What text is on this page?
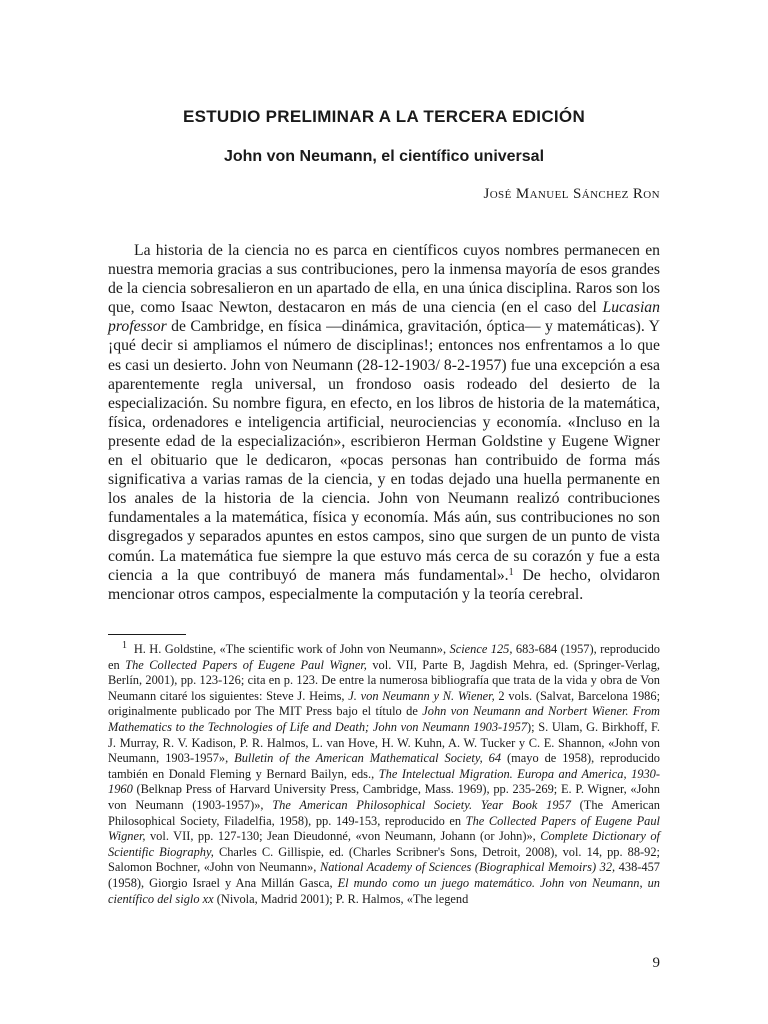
ESTUDIO PRELIMINAR A LA TERCERA EDICIÓN
John von Neumann, el científico universal
José Manuel Sánchez Ron

La historia de la ciencia no es parca en científicos cuyos nombres permanecen en nuestra memoria gracias a sus contribuciones, pero la inmensa mayoría de esos grandes de la ciencia sobresalieron en un apartado de ella, en una única disciplina. Raros son los que, como Isaac Newton, destacaron en más de una ciencia (en el caso del Lucasian professor de Cambridge, en física —dinámica, gravitación, óptica— y matemáticas). Y ¡qué decir si ampliamos el número de disciplinas!; entonces nos enfrentamos a lo que es casi un desierto. John von Neumann (28-12-1903/ 8-2-1957) fue una excepción a esa aparentemente regla universal, un frondoso oasis rodeado del desierto de la especialización. Su nombre figura, en efecto, en los libros de historia de la matemática, física, ordenadores e inteligencia artificial, neurociencias y economía. «Incluso en la presente edad de la especialización», escribieron Herman Goldstine y Eugene Wigner en el obituario que le dedicaron, «pocas personas han contribuido de forma más significativa a varias ramas de la ciencia, y en todas dejado una huella permanente en los anales de la historia de la ciencia. John von Neumann realizó contribuciones fundamentales a la matemática, física y economía. Más aún, sus contribuciones no son disgregados y separados apuntes en estos campos, sino que surgen de un punto de vista común. La matemática fue siempre la que estuvo más cerca de su corazón y fue a esta ciencia a la que contribuyó de manera más fundamental».$^1$ De hecho, olvidaron mencionar otros campos, especialmente la computación y la teoría cerebral.

$^1$ H. H. Goldstine, «The scientific work of John von Neumann», Science 125, 683-684 (1957), reproducido en The Collected Papers of Eugene Paul Wigner, vol. VII, Parte B, Jagdish Mehra, ed. (Springer-Verlag, Berlín, 2001), pp. 123-126; cita en p. 123. De entre la numerosa bibliografía que trata de la vida y obra de Von Neumann citaré los siguientes: Steve J. Heims, J. von Neumann y N. Wiener, 2 vols. (Salvat, Barcelona 1986; originalmente publicado por The MIT Press bajo el título de John von Neumann and Norbert Wiener. From Mathematics to the Technologies of Life and Death; John von Neumann 1903-1957); S. Ulam, G. Birkhoff, F. J. Murray, R. V. Kadison, P. R. Halmos, L. van Hove, H. W. Kuhn, A. W. Tucker y C. E. Shannon, «John von Neumann, 1903-1957», Bulletin of the American Mathematical Society, 64 (mayo de 1958), reproducido también en Donald Fleming y Bernard Bailyn, eds., The Intelectual Migration. Europa and America, 1930-1960 (Belknap Press of Harvard University Press, Cambridge, Mass. 1969), pp. 235-269; E. P. Wigner, «John von Neumann (1903-1957)», The American Philosophical Society. Year Book 1957 (The American Philosophical Society, Filadelfia, 1958), pp. 149-153, reproducido en The Collected Papers of Eugene Paul Wigner, vol. VII, pp. 127-130; Jean Dieudonné, «von Neumann, Johann (or John)», Complete Dictionary of Scientific Biography, Charles C. Gillispie, ed. (Charles Scribner's Sons, Detroit, 2008), vol. 14, pp. 88-92; Salomon Bochner, «John von Neumann», National Academy of Sciences (Biographical Memoirs) 32, 438-457 (1958), Giorgio Israel y Ana Millán Gasca, El mundo como un juego matemático. John von Neumann, un científico del siglo xx (Nivola, Madrid 2001); P. R. Halmos, «The legend

9
